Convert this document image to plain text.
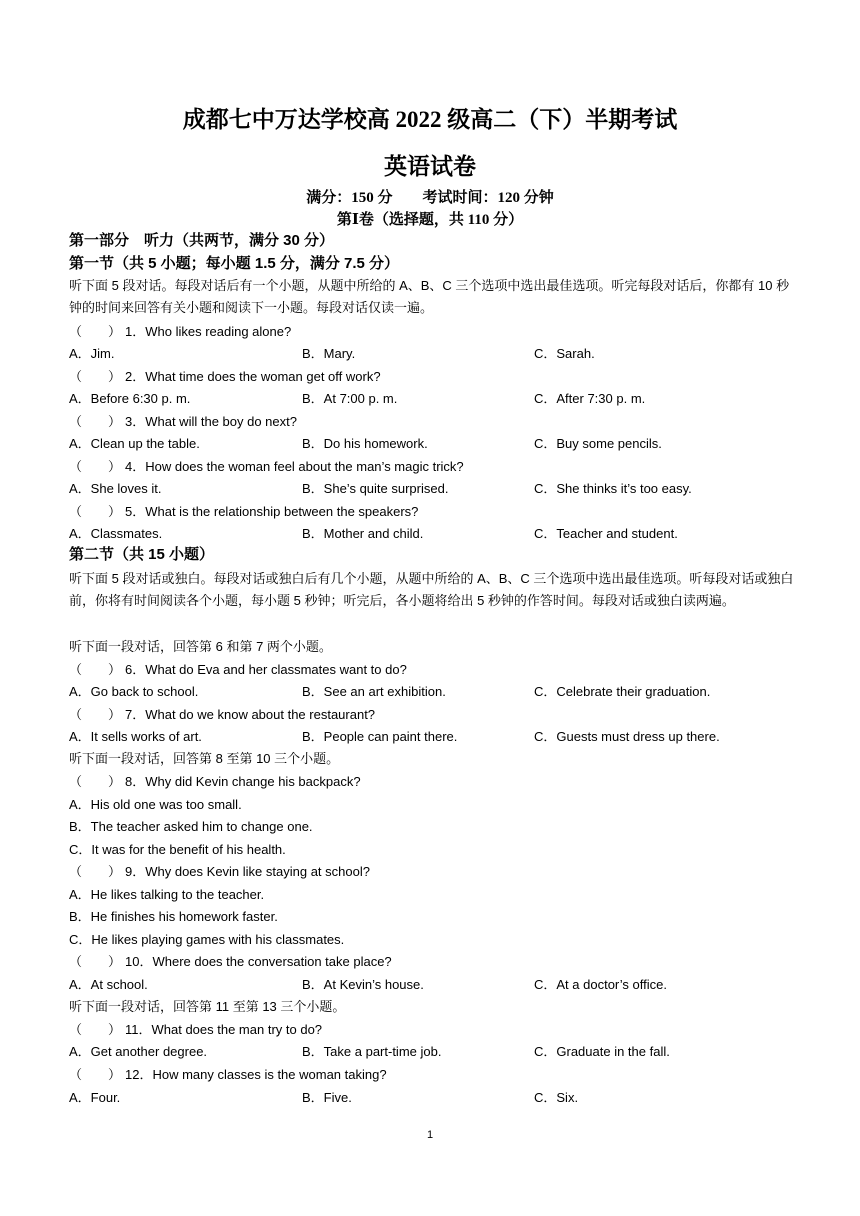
成都七中万达学校高 2022 级高二（下）半期考试
英语试卷
满分：150 分　　考试时间：120 分钟
第Ⅰ卷（选择题，共 110 分）
第一部分　听力（共两节，满分 30 分）
第一节（共 5 小题；每小题 1.5 分，满分 7.5 分）
听下面 5 段对话。每段对话后有一个小题，从题中所给的 A、B、C 三个选项中选出最佳选项。听完每段对话后，你都有 10 秒钟的时间来回答有关小题和阅读下一小题。每段对话仅读一遍。
（　　） 1．Who likes reading alone?
A．Jim.	B．Mary.	C．Sarah.
（　　） 2．What time does the woman get off work?
A．Before 6:30 p. m.	B．At 7:00 p. m.	C．After 7:30 p. m.
（　　） 3．What will the boy do next?
A．Clean up the table.	B．Do his homework.	C．Buy some pencils.
（　　） 4．How does the woman feel about the man’s magic trick?
A．She loves it.	B．She’s quite surprised.	C．She thinks it’s too easy.
（　　） 5．What is the relationship between the speakers?
A．Classmates.	B．Mother and child.	C．Teacher and student.
第二节（共 15 小题）
听下面 5 段对话或独白。每段对话或独白后有几个小题，从题中所给的 A、B、C 三个选项中选出最佳选项。听每段对话或独白前，你将有时间阅读各个小题，每小题 5 秒钟；听完后，各小题将给出 5 秒钟的作答时间。每段对话或独白读两遍。
听下面一段对话，回答第 6 和第 7 两个小题。
（　　） 6．What do Eva and her classmates want to do?
A．Go back to school.	B．See an art exhibition.	C．Celebrate their graduation.
（　　） 7．What do we know about the restaurant?
A．It sells works of art.	B．People can paint there.	C．Guests must dress up there.
听下面一段对话，回答第 8 至第 10 三个小题。
（　　） 8．Why did Kevin change his backpack?
A．His old one was too small.
B．The teacher asked him to change one.
C．It was for the benefit of his health.
（　　） 9．Why does Kevin like staying at school?
A．He likes talking to the teacher.
B．He finishes his homework faster.
C．He likes playing games with his classmates.
（　　） 10．Where does the conversation take place?
A．At school.	B．At Kevin’s house.	C．At a doctor’s office.
听下面一段对话，回答第 11 至第 13 三个小题。
（　　） 11．What does the man try to do?
A．Get another degree.	B．Take a part-time job.	C．Graduate in the fall.
（　　） 12．How many classes is the woman taking?
A．Four.	B．Five.	C．Six.
1
